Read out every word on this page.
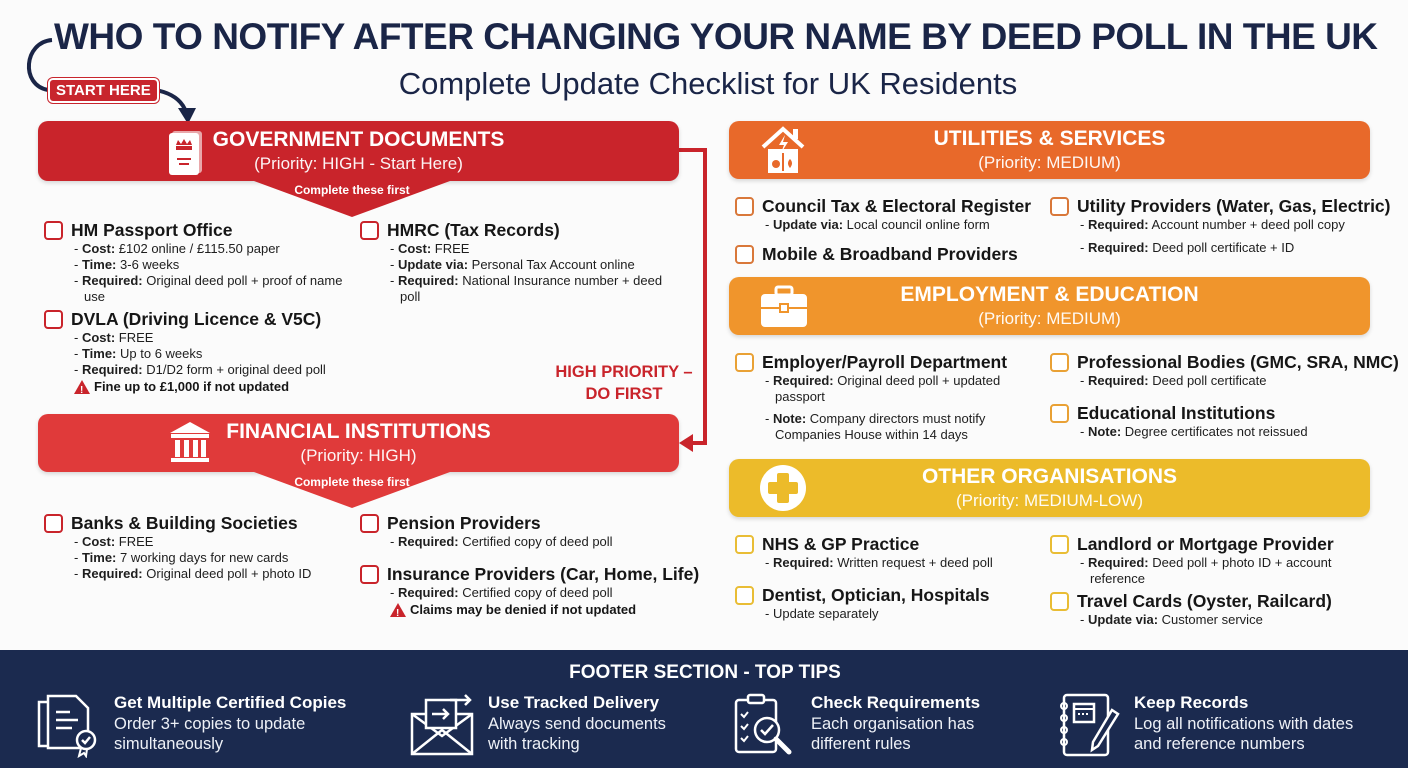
WHO TO NOTIFY AFTER CHANGING YOUR NAME BY DEED POLL IN THE UK
Complete Update Checklist for UK Residents
START HERE
HIGH PRIORITY –
DO FIRST
GOVERNMENT DOCUMENTS
(Priority: HIGH - Start Here)
Complete these first
HM Passport Office
- Cost: £102 online / £115.50 paper
- Time: 3-6 weeks
- Required: Original deed poll + proof of name
use
HMRC (Tax Records)
- Cost: FREE
- Update via: Personal Tax Account online
- Required: National Insurance number + deed
poll
DVLA (Driving Licence & V5C)
- Cost: FREE
- Time: Up to 6 weeks
- Required: D1/D2 form + original deed poll
!
Fine up to £1,000 if not updated
FINANCIAL INSTITUTIONS
(Priority: HIGH)
Complete these first
Banks & Building Societies
- Cost: FREE
- Time: 7 working days for new cards
- Required: Original deed poll + photo ID
Pension Providers
- Required: Certified copy of deed poll
Insurance Providers (Car, Home, Life)
- Required: Certified copy of deed poll
!
Claims may be denied if not updated
UTILITIES & SERVICES
(Priority: MEDIUM)
Council Tax & Electoral Register
- Update via: Local council online form
Mobile & Broadband Providers
Utility Providers (Water, Gas, Electric)
- Required: Account number + deed poll copy
- Required: Deed poll certificate + ID
EMPLOYMENT & EDUCATION
(Priority: MEDIUM)
Employer/Payroll Department
- Required: Original deed poll + updated
passport
- Note: Company directors must notify
Companies House within 14 days
Professional Bodies (GMC, SRA, NMC)
- Required: Deed poll certificate
Educational Institutions
- Note: Degree certificates not reissued
OTHER ORGANISATIONS
(Priority: MEDIUM-LOW)
NHS & GP Practice
- Required: Written request + deed poll
Dentist, Optician, Hospitals
- Update separately
Landlord or Mortgage Provider
- Required: Deed poll + photo ID + account
reference
Travel Cards (Oyster, Railcard)
- Update via: Customer service
FOOTER SECTION - TOP TIPS
Get Multiple Certified Copies
Order 3+ copies to update
simultaneously
Use Tracked Delivery
Always send documents
with tracking
Check Requirements
Each organisation has
different rules
Keep Records
Log all notifications with dates
and reference numbers
